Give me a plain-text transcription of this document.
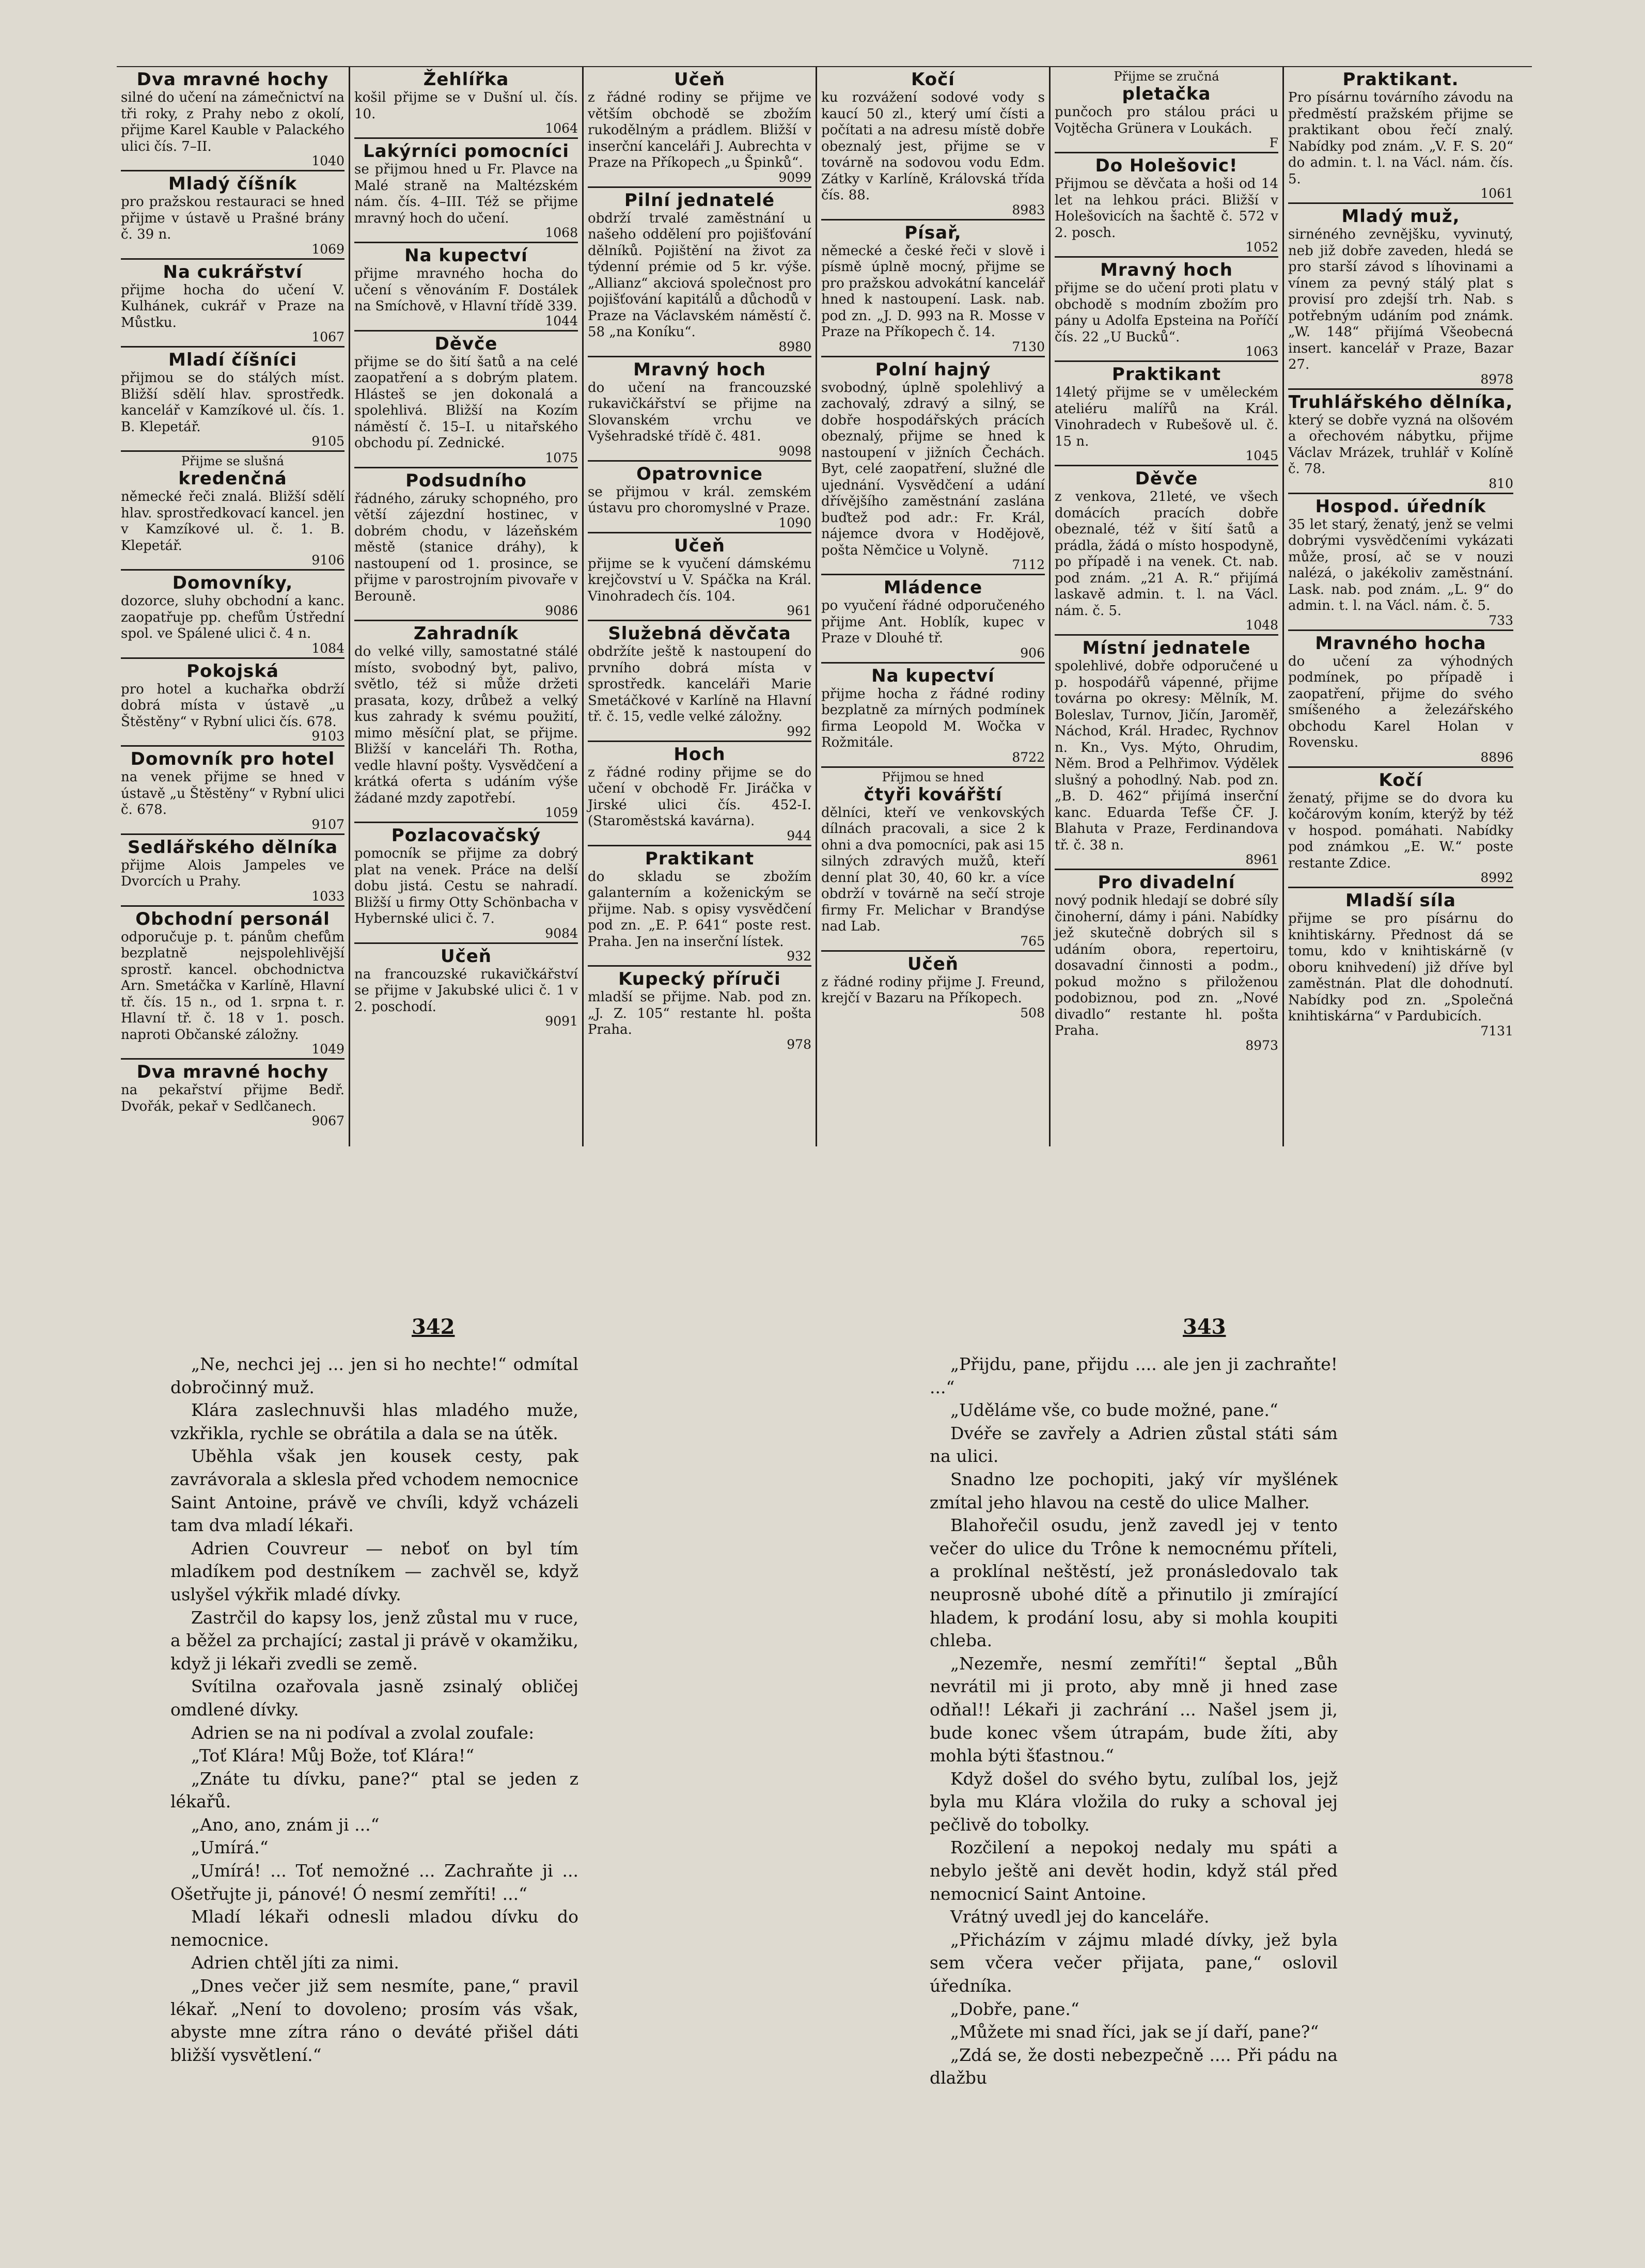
Dva mravné hochy
silné do učení na zámečnictví na tři roky, z Prahy nebo z okolí, přijme Karel Kauble v Palackého ulici čís. 7–II.
1040
Mladý číšník
pro pražskou restauraci se hned přijme v ústavě u Prašné brány č. 39 n.
1069
Na cukrářství
přijme hocha do učení V. Kulhánek, cukrář v Praze na Můstku.
1067
Mladí číšníci
přijmou se do stálých míst. Bližší sdělí hlav. sprostředk. kancelář v Kamzíkové ul. čís. 1. B. Klepetář.
9105
Přijme se slušná
kredenčná
německé řeči znalá. Bližší sdělí hlav. sprostředkovací kancel. jen v Kamzíkové ul. č. 1. B. Klepetář.
9106
Domovníky,
dozorce, sluhy obchodní a kanc. zaopatřuje pp. chefům Ústřední spol. ve Spálené ulici č. 4 n.
1084
Pokojská
pro hotel a kuchařka obdrží dobrá místa v ústavě „u Štěstěny“ v Rybní ulici čís. 678.
9103
Domovník pro hotel
na venek přijme se hned v ústavě „u Štěstěny“ v Rybní ulici č. 678.
9107
Sedlářského dělníka
přijme Alois Jampeles ve Dvorcích u Prahy.
1033
Obchodní personál
odporučuje p. t. pánům chefům bezplatně nejspolehlivější sprostř. kancel. obchodnictva Arn. Smetáčka v Karlíně, Hlavní tř. čís. 15 n., od 1. srpna t. r. Hlavní tř. č. 18 v 1. posch. naproti Občanské záložny.
1049
Dva mravné hochy
na pekařství přijme Bedř. Dvořák, pekař v Sedlčanech.
9067
Žehlířka
košil přijme se v Dušní ul. čís. 10.
1064
Lakýrníci pomocníci
se přijmou hned u Fr. Plavce na Malé straně na Maltézském nám. čís. 4–III. Též se přijme mravný hoch do učení.
1068
Na kupectví
přijme mravného hocha do učení s věnováním F. Dostálek na Smíchově, v Hlavní třídě 339.
1044
Děvče
přijme se do šití šatů a na celé zaopatření a s dobrým platem. Hlásteš se jen dokonalá a spolehlivá. Bližší na Kozím náměstí č. 15–I. u nitařského obchodu pí. Zednické.
1075
Podsudního
řádného, záruky schopného, pro větší zájezdní hostinec, v dobrém chodu, v lázeňském městě (stanice dráhy), k nastoupení od 1. prosince, se přijme v parostrojním pivovaře v Berouně.
9086
Zahradník
do velké villy, samostatné stálé místo, svobodný byt, palivo, světlo, též si může držeti prasata, kozy, drůbež a velký kus zahrady k svému použití, mimo měsíční plat, se přijme. Bližší v kanceláři Th. Rotha, vedle hlavní pošty. Vysvědčení a krátká oferta s udáním výše žádané mzdy zapotřebí.
1059
Pozlacovačský
pomocník se přijme za dobrý plat na venek. Práce na delší dobu jistá. Cestu se nahradí. Bližší u firmy Otty Schönbacha v Hybernské ulici č. 7.
9084
Učeň
na francouzské rukavičkářství se přijme v Jakubské ulici č. 1 v 2. poschodí.
9091
Učeň
z řádné rodiny se přijme ve větším obchodě se zbožím rukodělným a prádlem. Bližší v inserční kanceláři J. Aubrechta v Praze na Příkopech „u Špinků“.
9099
Pilní jednatelé
obdrží trvalé zaměstnání u našeho oddělení pro pojišťování dělníků. Pojištění na život za týdenní prémie od 5 kr. výše. „Allianz“ akciová společnost pro pojišťování kapitálů a důchodů v Praze na Václavském náměstí č. 58 „na Koníku“.
8980
Mravný hoch
do učení na francouzské rukavičkářství se přijme na Slovanském vrchu ve Vyšehradské třídě č. 481.
9098
Opatrovnice
se přijmou v král. zemském ústavu pro choromyslné v Praze.
1090
Učeň
přijme se k vyučení dámskému krejčovství u V. Spáčka na Král. Vinohradech čís. 104.
961
Služebná děvčata
obdržíte ještě k nastoupení do prvního dobrá místa v sprostředk. kanceláři Marie Smetáčkové v Karlíně na Hlavní tř. č. 15, vedle velké záložny.
992
Hoch
z řádné rodiny přijme se do učení v obchodě Fr. Jiráčka v Jirské ulici čís. 452-I. (Staroměstská kavárna).
944
Praktikant
do skladu se zbožím galanterním a koženickým se přijme. Nab. s opisy vysvědčení pod zn. „E. P. 641“ poste rest. Praha. Jen na inserční lístek.
932
Kupecký příruči
mladší se přijme. Nab. pod zn. „J. Z. 105“ restante hl. pošta Praha.
978
Kočí
ku rozvážení sodové vody s kaucí 50 zl., který umí čísti a počítati a na adresu místě dobře obeznalý jest, přijme se v továrně na sodovou vodu Edm. Zátky v Karlíně, Královská třída čís. 88.
8983
Písař,
německé a české řeči v slově i písmě úplně mocný, přijme se pro pražskou advokátní kancelář hned k nastoupení. Lask. nab. pod zn. „J. D. 993 na R. Mosse v Praze na Příkopech č. 14.
7130
Polní hajný
svobodný, úplně spolehlivý a zachovalý, zdravý a silný, se dobře hospodářských prácích obeznalý, přijme se hned k nastoupení v jižních Čechách. Byt, celé zaopatření, služné dle ujednání. Vysvědčení a udání dřívějšího zaměstnání zaslána buďtež pod adr.: Fr. Král, nájemce dvora v Hodějově, pošta Němčice u Volyně.
7112
Mládence
po vyučení řádné odporučeného přijme Ant. Hoblík, kupec v Praze v Dlouhé tř.
906
Na kupectví
přijme hocha z řádné rodiny bezplatně za mírných podmínek firma Leopold M. Wočka v Rožmitále.
8722
Přijmou se hned
čtyři kovářští
dělníci, kteří ve venkovských dílnách pracovali, a sice 2 k ohni a dva pomocníci, pak asi 15 silných zdravých mužů, kteří denní plat 30, 40, 60 kr. a více obdrží v továrně na sečí stroje firmy Fr. Melichar v Brandýse nad Lab.
765
Učeň
z řádné rodiny přijme J. Freund, krejčí v Bazaru na Příkopech.
508
Přijme se zručná
pletačka
punčoch pro stálou práci u Vojtěcha Grünera v Loukách.
F
Do Holešovic!
Přijmou se děvčata a hoši od 14 let na lehkou práci. Bližší v Holešovicích na šachtě č. 572 v 2. posch.
1052
Mravný hoch
přijme se do učení proti platu v obchodě s modním zbožím pro pány u Adolfa Epsteina na Poříčí čís. 22 „U Bucků“.
1063
Praktikant
14letý přijme se v uměleckém ateliéru malířů na Král. Vinohradech v Rubešově ul. č. 15 n.
1045
Děvče
z venkova, 21leté, ve všech domácích pracích dobře obeznalé, též v šití šatů a prádla, žádá o místo hospodyně, po případě i na venek. Ct. nab. pod znám. „21 A. R.“ přijímá laskavě admin. t. l. na Václ. nám. č. 5.
1048
Místní jednatele
spolehlivé, dobře odporučené u p. hospodářů vápenné, přijme továrna po okresy: Mělník, M. Boleslav, Turnov, Jičín, Jaroměř, Náchod, Král. Hradec, Rychnov n. Kn., Vys. Mýto, Ohrudim, Něm. Brod a Pelhřimov. Výdělek slušný a pohodlný. Nab. pod zn. „B. D. 462“ přijímá inserční kanc. Eduarda Tefše ČF. J. Blahuta v Praze, Ferdinandova tř. č. 38 n.
8961
Pro divadelní
nový podnik hledají se dobré síly činoherní, dámy i páni. Nabídky jež skutečně dobrých sil s udáním obora, repertoiru, dosavadní činnosti a podm., pokud možno s přiloženou podobiznou, pod zn. „Nové divadlo“ restante hl. pošta Praha.
8973
Praktikant.
Pro písárnu továrního závodu na předměstí pražském přijme se praktikant obou řečí znalý. Nabídky pod znám. „V. F. S. 20“ do admin. t. l. na Václ. nám. čís. 5.
1061
Mladý muž,
sirnéného zevnějšku, vyvinutý, neb již dobře zaveden, hledá se pro starší závod s líhovinami a vínem za pevný stálý plat s provisí pro zdejší trh. Nab. s potřebným udáním pod známk. „W. 148“ přijímá Všeobecná insert. kancelář v Praze, Bazar 27.
8978
Truhlářského dělníka,
který se dobře vyzná na olšovém a ořechovém nábytku, přijme Václav Mrázek, truhlář v Kolíně č. 78.
810
Hospod. úředník
35 let starý, ženatý, jenž se velmi dobrými vysvědčeními vykázati může, prosí, ač se v nouzi nalézá, o jakékoliv zaměstnání. Lask. nab. pod znám. „L. 9“ do admin. t. l. na Václ. nám. č. 5.
733
Mravného hocha
do učení za výhodných podmínek, po případě i zaopatření, přijme do svého smíšeného a železářského obchodu Karel Holan v Rovensku.
8896
Kočí
ženatý, přijme se do dvora ku kočárovým koním, kterýž by též v hospod. pomáhati. Nabídky pod známkou „E. W.“ poste restante Zdice.
8992
Mladší síla
přijme se pro písárnu do knihtiskárny. Přednost dá se tomu, kdo v knihtiskárně (v oboru knihvedení) již dříve byl zaměstnán. Plat dle dohodnutí. Nabídky pod zn. „Společná knihtiskárna“ v Pardubicích.
7131
342	343

„Ne, nechci jej ... jen si ho nechte!“ odmítal dobročinný muž.

Klára zaslechnuvši hlas mladého muže, vzkřikla, rychle se obrátila a dala se na útěk.

Uběhla však jen kousek cesty, pak zavrávorala a sklesla před vchodem nemocnice Saint Antoine, právě ve chvíli, když vcházeli tam dva mladí lékaři.

Adrien Couvreur — neboť on byl tím mladíkem pod destníkem — zachvěl se, když uslyšel výkřik mladé dívky.

Zastrčil do kapsy los, jenž zůstal mu v ruce, a běžel za prchající; zastal ji právě v okamžiku, když ji lékaři zvedli se země.

Svítilna ozařovala jasně zsinalý obličej omdlené dívky.

Adrien se na ni podíval a zvolal zoufale:

„Toť Klára! Můj Bože, toť Klára!“

„Znáte tu dívku, pane?“ ptal se jeden z lékařů.

„Ano, ano, znám ji ...“

„Umírá.“

„Umírá! ... Toť nemožné ... Zachraňte ji ... Ošetřujte ji, pánové! Ó nesmí zemříti! ...“

Mladí lékaři odnesli mladou dívku do nemocnice.

Adrien chtěl jíti za nimi.

„Dnes večer již sem nesmíte, pane,“ pravil lékař. „Není to dovoleno; prosím vás však, abyste mne zítra ráno o deváté přišel dáti bližší vysvětlení.“

„Přijdu, pane, přijdu .... ale jen ji zachraňte! ...“

„Uděláme vše, co bude možné, pane.“

Dvéře se zavřely a Adrien zůstal státi sám na ulici.

Snadno lze pochopiti, jaký vír myšlének zmítal jeho hlavou na cestě do ulice Malher.

Blahořečil osudu, jenž zavedl jej v tento večer do ulice du Trône k nemocnému příteli, a proklínal neštěstí, jež pronásledovalo tak neuprosně ubohé dítě a přinutilo ji zmírající hladem, k prodání losu, aby si mohla koupiti chleba.

„Nezemře, nesmí zemříti!“ šeptal „Bůh nevrátil mi ji proto, aby mně ji hned zase odňal!! Lékaři ji zachrání ... Našel jsem ji, bude konec všem útrapám, bude žíti, aby mohla býti šťastnou.“

Když došel do svého bytu, zulíbal los, jejž byla mu Klára vložila do ruky a schoval jej pečlivě do tobolky.

Rozčilení a nepokoj nedaly mu spáti a nebylo ještě ani devět hodin, když stál před nemocnicí Saint Antoine.

Vrátný uvedl jej do kanceláře.

„Přicházím v zájmu mladé dívky, jež byla sem včera večer přijata, pane,“ oslovil úředníka.

„Dobře, pane.“

„Můžete mi snad říci, jak se jí daří, pane?“

„Zdá se, že dosti nebezpečně .... Při pádu na dlažbu
